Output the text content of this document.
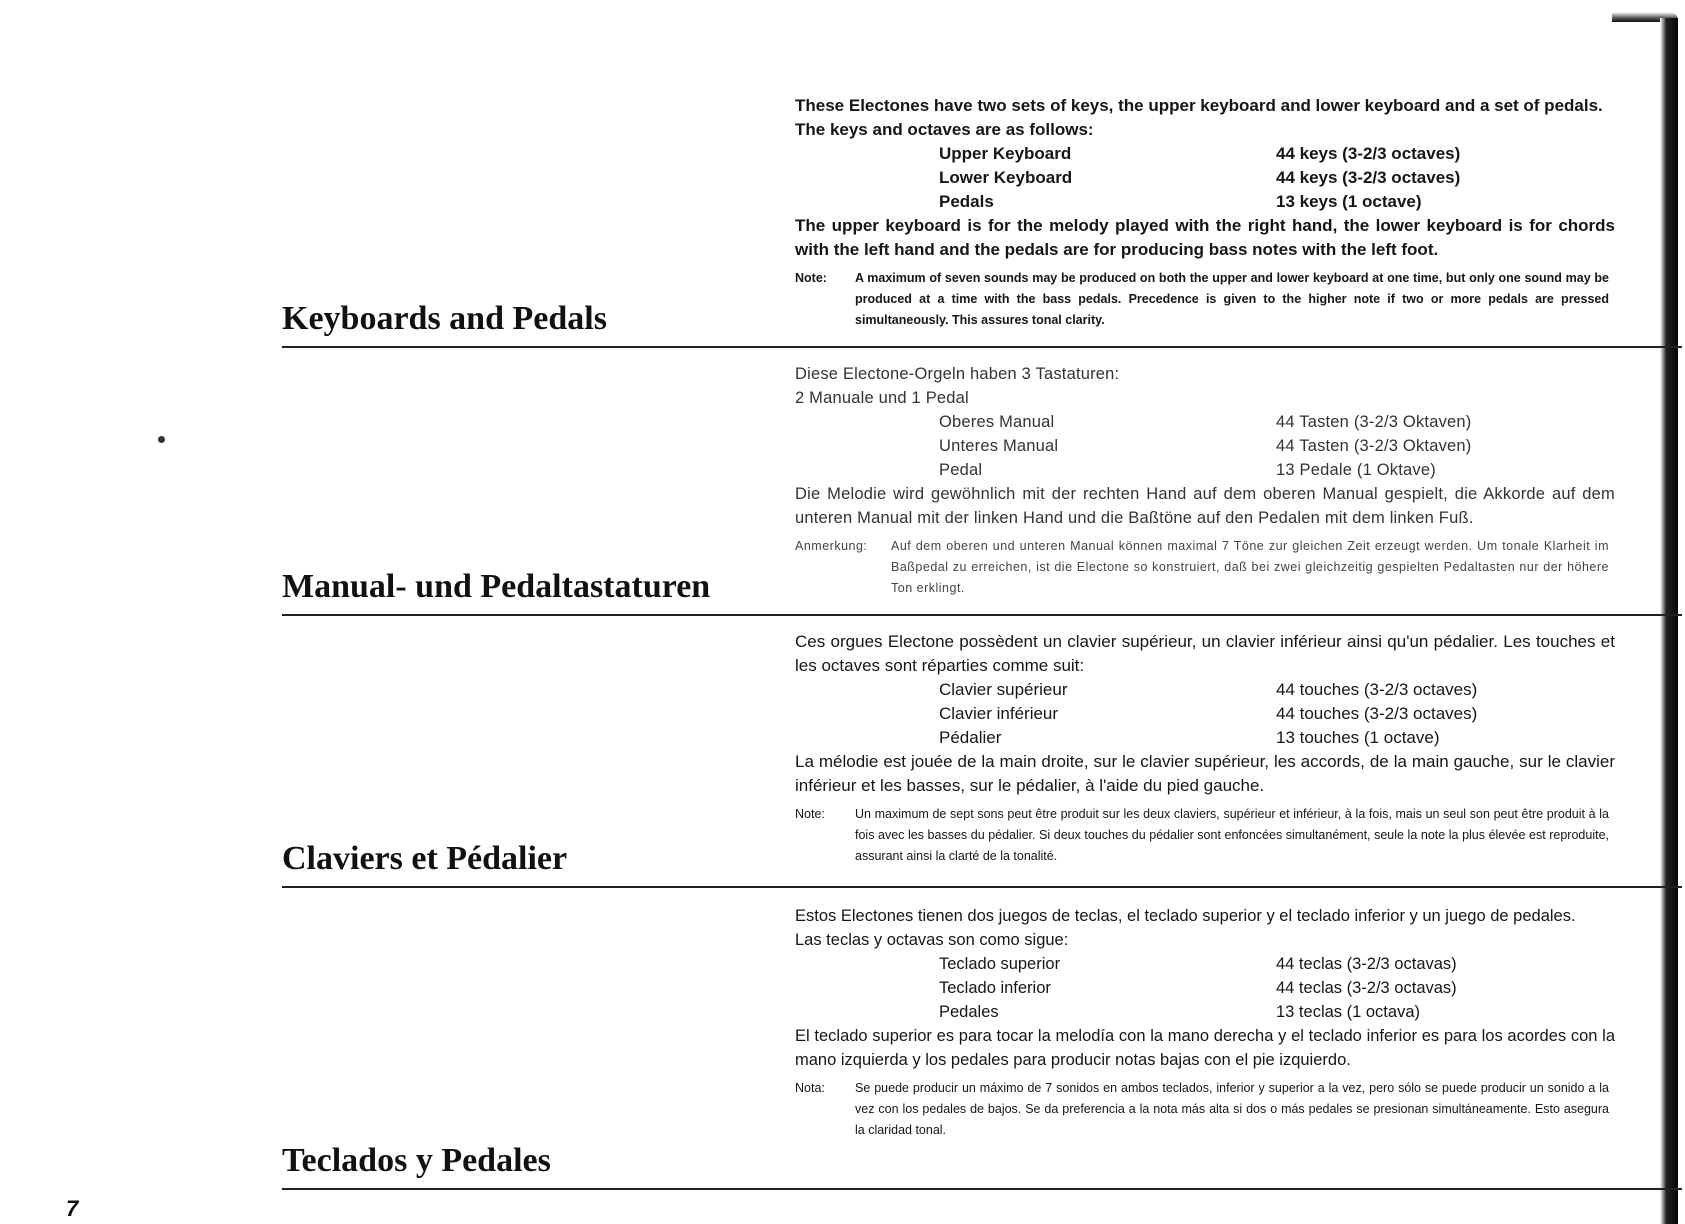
These Electones have two sets of keys, the upper keyboard and lower keyboard and a set of pedals.

The keys and octaves are as follows:

Upper Keyboard	44 keys (3-2/3 octaves)
Lower Keyboard	44 keys (3-2/3 octaves)
Pedals	13 keys (1 octave)

The upper keyboard is for the melody played with the right hand, the lower keyboard is for chords with the left hand and the pedals are for producing bass notes with the left foot.

Note:	A maximum of seven sounds may be produced on both the upper and lower keyboard at one time, but only one sound may be produced at a time with the bass pedals. Precedence is given to the higher note if two or more pedals are pressed simultaneously. This assures tonal clarity.
Keyboards and Pedals

Diese Electone-Orgeln haben 3 Tastaturen:

2 Manuale und 1 Pedal

Oberes Manual	44 Tasten (3-2/3 Oktaven)
Unteres Manual	44 Tasten (3-2/3 Oktaven)
Pedal	13 Pedale (1 Oktave)

Die Melodie wird gewöhnlich mit der rechten Hand auf dem oberen Manual gespielt, die Akkorde auf dem unteren Manual mit der linken Hand und die Baßtöne auf den Pedalen mit dem linken Fuß.

Anmerkung:	Auf dem oberen und unteren Manual können maximal 7 Töne zur gleichen Zeit erzeugt werden. Um tonale Klarheit im Baßpedal zu erreichen, ist die Electone so konstruiert, daß bei zwei gleichzeitig gespielten Pedaltasten nur der höhere Ton erklingt.
Manual- und Pedaltastaturen

Ces orgues Electone possèdent un clavier supérieur, un clavier inférieur ainsi qu'un pédalier. Les touches et les octaves sont réparties comme suit:

Clavier supérieur	44 touches (3-2/3 octaves)
Clavier inférieur	44 touches (3-2/3 octaves)
Pédalier	13 touches (1 octave)

La mélodie est jouée de la main droite, sur le clavier supérieur, les accords, de la main gauche, sur le clavier inférieur et les basses, sur le pédalier, à l'aide du pied gauche.

Note:	Un maximum de sept sons peut être produit sur les deux claviers, supérieur et inférieur, à la fois, mais un seul son peut être produit à la fois avec les basses du pédalier. Si deux touches du pédalier sont enfoncées simultanément, seule la note la plus élevée est reproduite, assurant ainsi la clarté de la tonalité.
Claviers et Pédalier

Estos Electones tienen dos juegos de teclas, el teclado superior y el teclado inferior y un juego de pedales.

Las teclas y octavas son como sigue:

Teclado superior	44 teclas (3-2/3 octavas)
Teclado inferior	44 teclas (3-2/3 octavas)
Pedales	13 teclas (1 octava)

El teclado superior es para tocar la melodía con la mano derecha y el teclado inferior es para los acordes con la mano izquierda y los pedales para producir notas bajas con el pie izquierdo.

Nota:	Se puede producir un máximo de 7 sonidos en ambos teclados, inferior y superior a la vez, pero sólo se puede producir un sonido a la vez con los pedales de bajos. Se da preferencia a la nota más alta si dos o más pedales se presionan simultáneamente. Esto asegura la claridad tonal.
Teclados y Pedales
7
